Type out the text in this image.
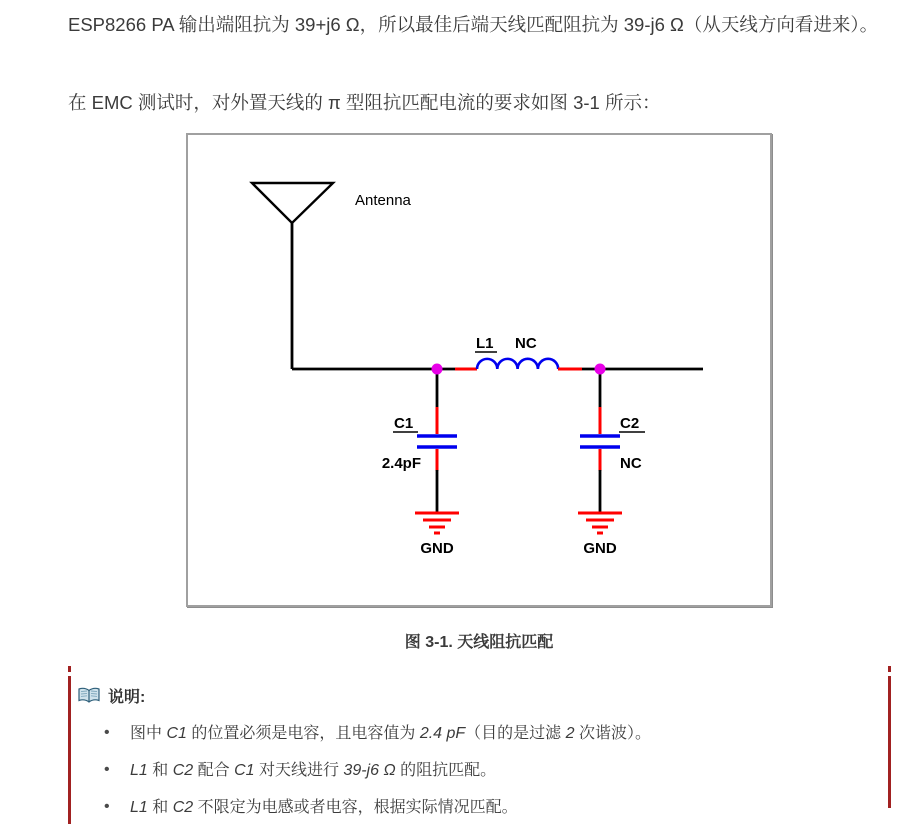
ESP8266 PA 输出端阻抗为 39+j6 Ω，所以最佳后端天线匹配阻抗为 39-j6 Ω（从天线方向看进来）。

在 EMC 测试时，对外置天线的 π 型阻抗匹配电流的要求如图 3-1 所示：

Antenna
L1 NC
C1
2.4pF
GND
C2
NC
GND

图 3-1. 天线阻抗匹配

说明:
• 图中 C1 的位置必须是电容，且电容值为 2.4 pF（目的是过滤 2 次谐波）。
• L1 和 C2 配合 C1 对天线进行 39-j6 Ω 的阻抗匹配。
• L1 和 C2 不限定为电感或者电容，根据实际情况匹配。
